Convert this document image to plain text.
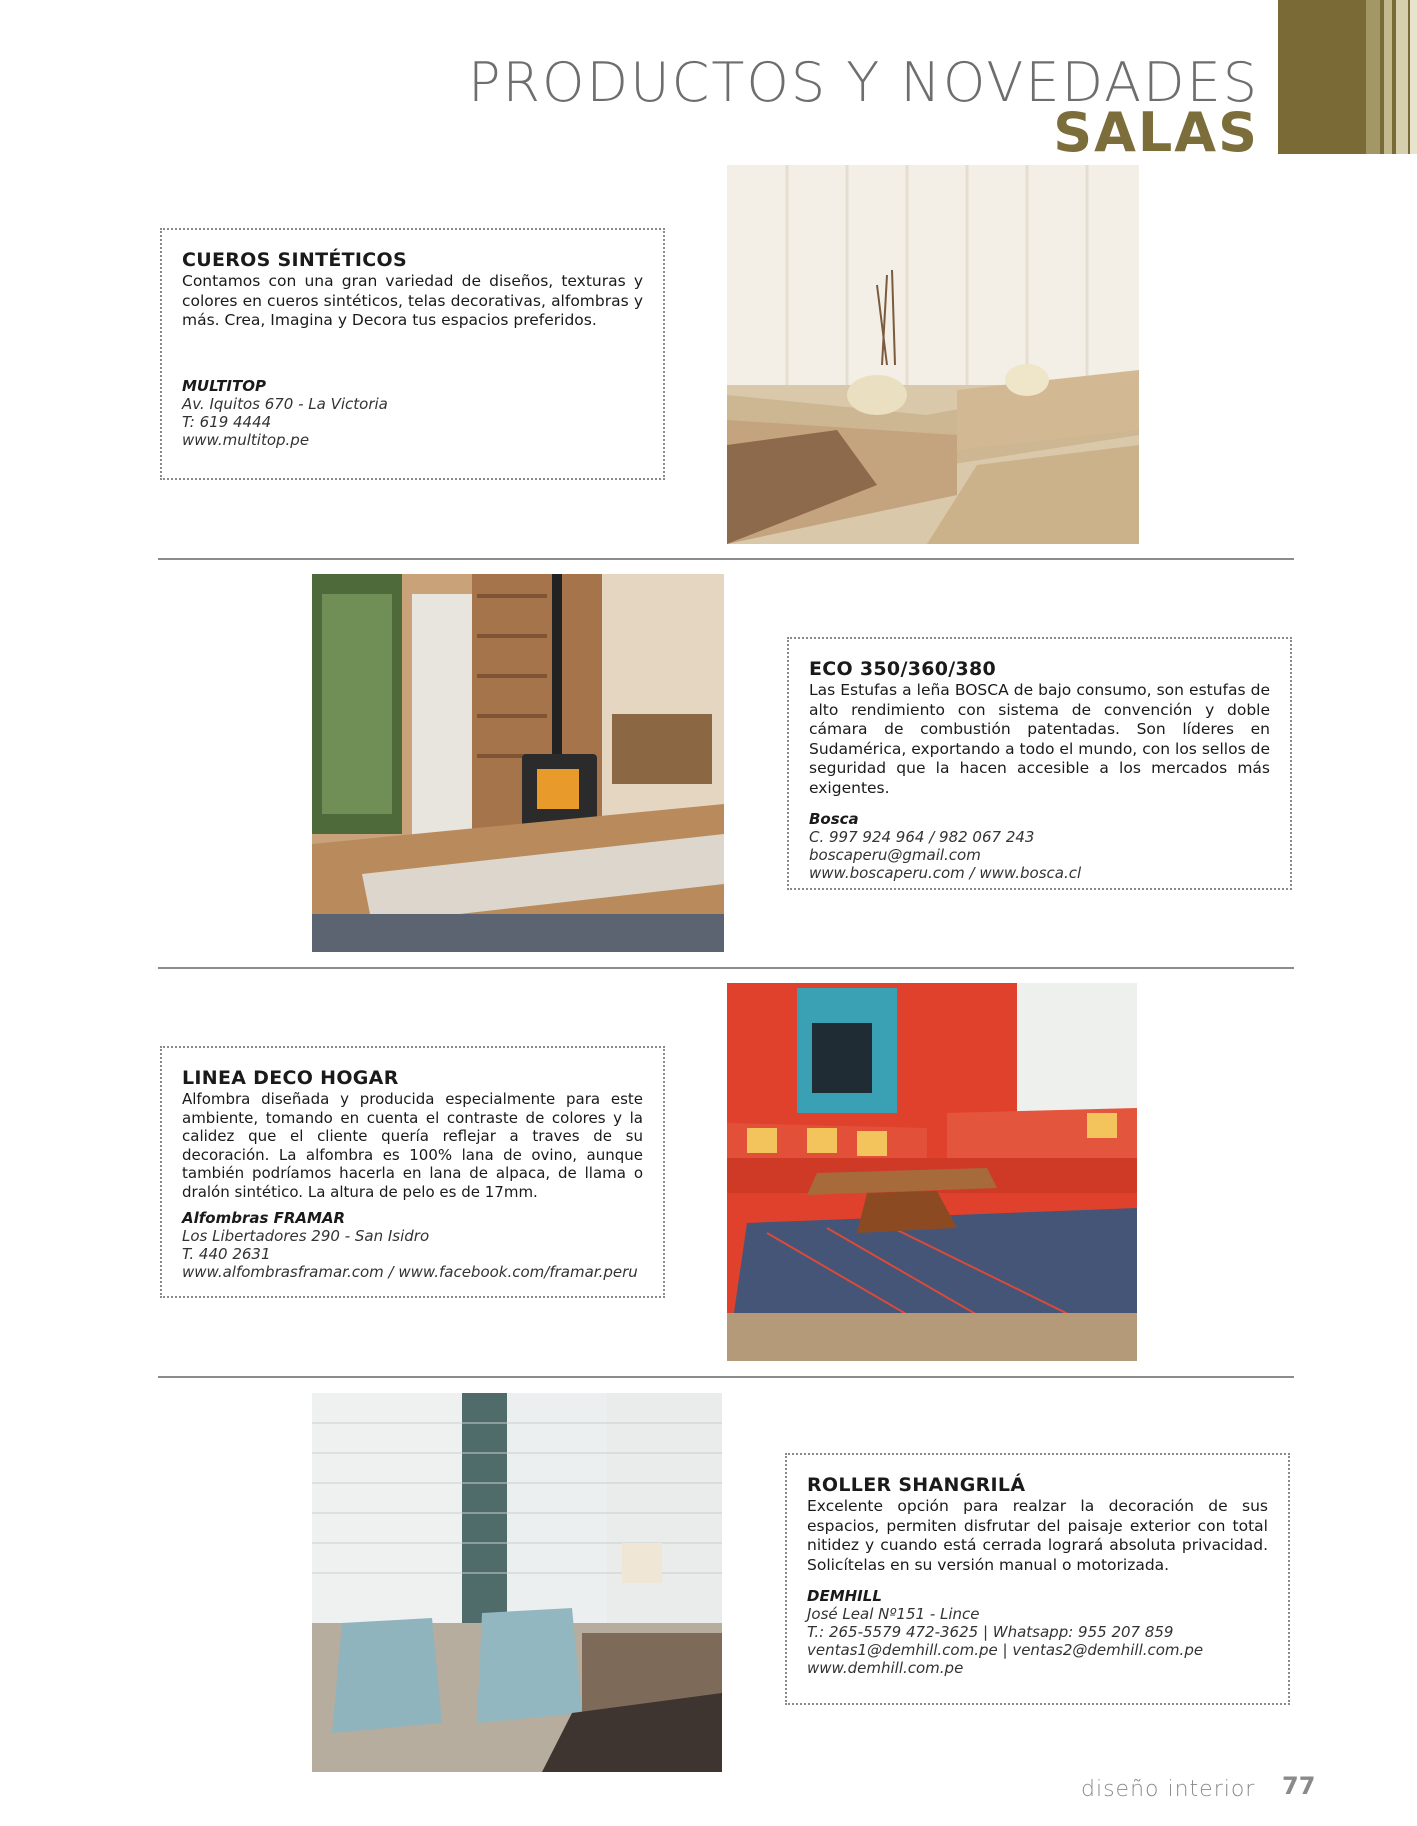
PRODUCTOS Y NOVEDADES
SALAS
CUEROS SINTÉTICOS

Contamos con una gran variedad de diseños, texturas y colores en cueros sintéticos, telas decorativas, alfombras y más. Crea, Imagina y Decora tus espacios preferidos.

MULTITOP
Av. Iquitos 670 - La Victoria
T: 619 4444
www.multitop.pe
ECO 350/360/380

Las Estufas a leña BOSCA de bajo consumo, son estufas de alto rendimiento con sistema de convención y doble cámara de combustión patentadas. Son líderes en Sudamérica, exportando a todo el mundo, con los sellos de seguridad que la hacen accesible a los mercados más exigentes.

Bosca
C. 997 924 964 / 982 067 243
boscaperu@gmail.com
www.boscaperu.com / www.bosca.cl
LINEA DECO HOGAR

Alfombra diseñada y producida especialmente para este ambiente, tomando en cuenta el contraste de colores y la calidez que el cliente quería reflejar a traves de su decoración. La alfombra es 100% lana de ovino, aunque también podríamos hacerla en lana de alpaca, de llama o dralón sintético. La altura de pelo es de 17mm.

Alfombras FRAMAR
Los Libertadores 290 - San Isidro
T. 440 2631
www.alfombrasframar.com / www.facebook.com/framar.peru
ROLLER SHANGRILÁ

Excelente opción para realzar la decoración de sus espacios, permiten disfrutar del paisaje exterior con total nitidez y cuando está cerrada logrará absoluta privacidad. Solicítelas en su versión manual o motorizada.

DEMHILL
José Leal Nº151 - Lince
T.: 265-5579 472-3625 | Whatsapp: 955 207 859
ventas1@demhill.com.pe | ventas2@demhill.com.pe
www.demhill.com.pe

diseño interior 77
